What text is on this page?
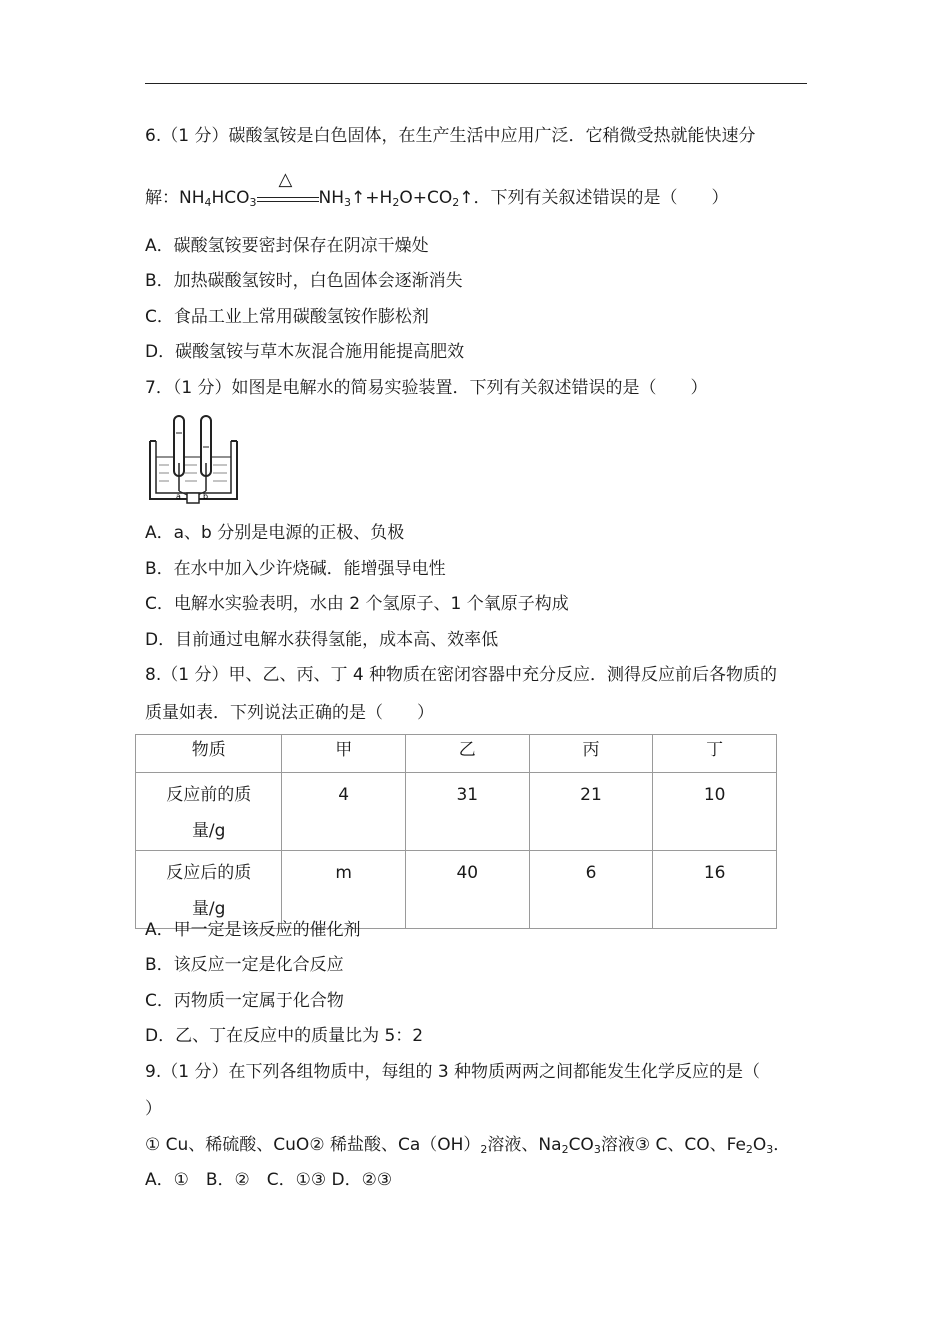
6.（1 分）碳酸氢铵是白色固体，在生产生活中应用广泛．它稍微受热就能快速分
解：$NH_4HCO_3$
△
$NH_3↑+H_2O+CO_2↑$．下列有关叙述错误的是（　　）
A．碳酸氢铵要密封保存在阴凉干燥处
B．加热碳酸氢铵时，白色固体会逐渐消失
C．食品工业上常用碳酸氢铵作膨松剂
D．碳酸氢铵与草木灰混合施用能提高肥效
7．（1 分）如图是电解水的简易实验装置．下列有关叙述错误的是（　　）
a	b
A．a、b 分别是电源的正极、负极
B．在水中加入少许烧碱．能增强导电性
C．电解水实验表明，水由 2 个氢原子、1 个氧原子构成
D．目前通过电解水获得氢能，成本高、效率低
8.（1 分）甲、乙、丙、丁 4 种物质在密闭容器中充分反应．测得反应前后各物质的
质量如表．下列说法正确的是（　　）
物质	甲	乙	丙	丁
反应前的质
量/g	4	31	21	10
反应后的质
量/g	m	40	6	16
A．甲一定是该反应的催化剂
B．该反应一定是化合反应
C．丙物质一定属于化合物
D．乙、丁在反应中的质量比为 5：2
9.（1 分）在下列各组物质中，每组的 3 种物质两两之间都能发生化学反应的是（
）
① Cu、稀硫酸、CuO② 稀盐酸、$Ca(OH)_2$溶液、$Na_2CO_3$溶液③ C、CO、$Fe_2O_3$．
A．①　B．②　C．①③ D．②③
